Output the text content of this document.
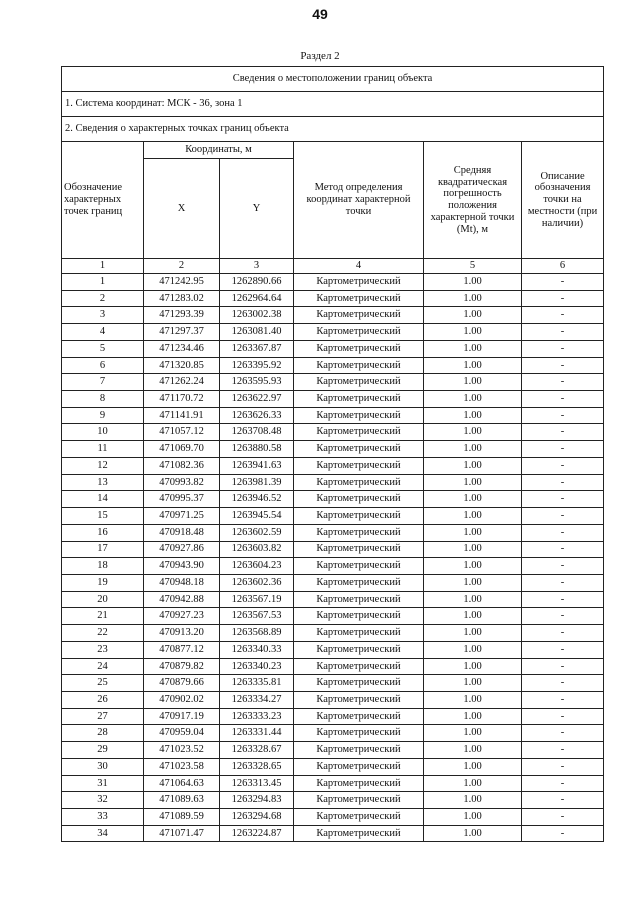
49
Раздел 2
Сведения о местоположении границ объекта					
1. Система координат: МСК - 36, зона 1					
2. Сведения о характерных точках границ объекта					
Обозначение характерных точек границ	Координаты, м		Метод определения координат характерной точки	Средняя квадратическая погрешность положения характерной точки (Mt), м	Описание обозначения точки на местности (при наличии)
	X	Y			
1	2	3	4	5	6
1	471242.95	1262890.66	Картометрический	1.00	-
2	471283.02	1262964.64	Картометрический	1.00	-
3	471293.39	1263002.38	Картометрический	1.00	-
4	471297.37	1263081.40	Картометрический	1.00	-
5	471234.46	1263367.87	Картометрический	1.00	-
6	471320.85	1263395.92	Картометрический	1.00	-
7	471262.24	1263595.93	Картометрический	1.00	-
8	471170.72	1263622.97	Картометрический	1.00	-
9	471141.91	1263626.33	Картометрический	1.00	-
10	471057.12	1263708.48	Картометрический	1.00	-
11	471069.70	1263880.58	Картометрический	1.00	-
12	471082.36	1263941.63	Картометрический	1.00	-
13	470993.82	1263981.39	Картометрический	1.00	-
14	470995.37	1263946.52	Картометрический	1.00	-
15	470971.25	1263945.54	Картометрический	1.00	-
16	470918.48	1263602.59	Картометрический	1.00	-
17	470927.86	1263603.82	Картометрический	1.00	-
18	470943.90	1263604.23	Картометрический	1.00	-
19	470948.18	1263602.36	Картометрический	1.00	-
20	470942.88	1263567.19	Картометрический	1.00	-
21	470927.23	1263567.53	Картометрический	1.00	-
22	470913.20	1263568.89	Картометрический	1.00	-
23	470877.12	1263340.33	Картометрический	1.00	-
24	470879.82	1263340.23	Картометрический	1.00	-
25	470879.66	1263335.81	Картометрический	1.00	-
26	470902.02	1263334.27	Картометрический	1.00	-
27	470917.19	1263333.23	Картометрический	1.00	-
28	470959.04	1263331.44	Картометрический	1.00	-
29	471023.52	1263328.67	Картометрический	1.00	-
30	471023.58	1263328.65	Картометрический	1.00	-
31	471064.63	1263313.45	Картометрический	1.00	-
32	471089.63	1263294.83	Картометрический	1.00	-
33	471089.59	1263294.68	Картометрический	1.00	-
34	471071.47	1263224.87	Картометрический	1.00	-
